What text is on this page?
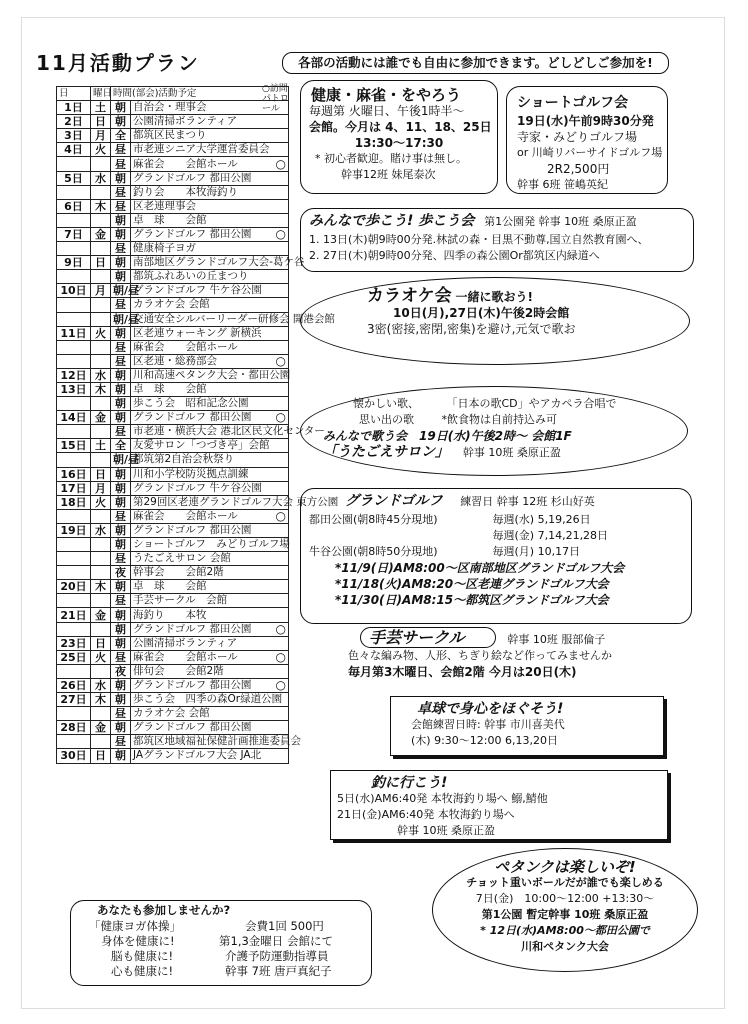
11月活動プラン	各部の活動には誰でも自由に参加できます。どしどしご参加を!
日	曜日	時間(部会)活動予定	
1日	土	朝	自治会・理事会
2日	日	朝	公園清掃ボランティア
3日	月	全	都筑区民まつり
4日	火	昼	市老連シニア大学運営委員会
		昼	麻雀会　　会館ホール ○

5日	水	朝	グランドゴルフ 都田公園
		昼	釣り会　　本牧海釣り
6日	木	昼	区老連理事会
		朝	卓　球　　会館
7日	金	朝	グランドゴルフ 都田公園 ○

		昼	健康椅子ヨガ
9日	日	朝	南部地区グランドゴルフ大会-葛ケ谷
		朝	都筑ふれあいの丘まつり
10日	月	朝/昼	グランドゴルフ 牛ケ谷公園
		昼	カラオケ会 会館
		朝/昼	交通安全シルバーリーダー研修会 開港会館
11日	火	朝	区老連ウォーキング 新横浜
		昼	麻雀会　　会館ホール
		昼	区老連・総務部会 ○

12日	水	朝	川和高速ペタンク大会・都田公園
13日	木	朝	卓　球　　会館
		朝	歩こう会　昭和記念公園
14日	金	朝	グランドゴルフ 都田公園 ○

		昼	市老連・横浜大会 港北区民文化センター
15日	土	全	友愛サロン「つづき亭」会館
		朝/昼	都筑第2自治会秋祭り
16日	日	朝	川和小学校防災拠点訓練
17日	月	朝	グランドゴルフ 牛ケ谷公園
18日	火	朝	第29回区老連グランドゴルフ大会 東方公園
		昼	麻雀会　　会館ホール ○

19日	水	朝	グランドゴルフ 都田公園
		朝	ショートゴルフ　みどりゴルフ場
		昼	うたごえサロン 会館
		夜	幹事会　　会館2階
20日	木	朝	卓　球　　会館
		昼	手芸サークル　会館
21日	金	朝	海釣り　　本牧
		朝	グランドゴルフ 都田公園 ○

23日	日	朝	公園清掃ボランティア
25日	火	昼	麻雀会　　会館ホール ○

		夜	俳句会　　会館2階
26日	水	朝	グランドゴルフ 都田公園 ○

27日	木	朝	歩こう会　四季の森Or緑道公園
		昼	カラオケ会 会館
28日	金	朝	グランドゴルフ 都田公園
		昼	都筑区地域福祉保健計画推進委員会
30日	日	朝	JAグランドゴルフ大会 JA北
○訪問パトロール
健康・麻雀・をやろう
毎週第 火曜日、午後1時半〜
会館。今月は 4、11、18、25日
13:30〜17:30
* 初心者歓迎。賭け事は無し。
幹事12班 妹尾泰次
ショートゴルフ会
19日(水)午前9時30分発
寺家・みどりゴルフ場
or 川崎リバーサイドゴルフ場
2R2,500円
幹事 6班 笹嶋英紀
みんなで歩こう! 歩こう会 第1公園発 幹事 10班 桑原正盈
1. 13日(木)朝9時00分発.林試の森・目黒不動尊,国立自然教育園へ、
2. 27日(木)朝9時00分発、四季の森公園Or都筑区内緑道へ
カラオケ会 一緒に歌おう!
10日(月),27日(木)午後2時会館
3密(密接,密閉,密集)を避け,元気で歌お
懐かしい歌、	「日本の歌CD」やアカペラ合唱で
思い出の歌	*飲食物は自前持込み可
みんなで歌う会　19日(水)午後2時〜 会館1F
「うたごえサロン」 幹事 10班 桑原正盈
グランドゴルフ 練習日 幹事 12班 杉山好英
都田公園(朝8時45分現地)	毎週(水) 5,19,26日
毎週(金) 7,14,21,28日
牛谷公園(朝8時50分現地)	毎週(月) 10,17日
*11/9(日)AM8:00〜区南部地区グランドゴルフ大会
*11/18(火)AM8:20〜区老連グランドゴルフ大会
*11/30(日)AM8:15〜都筑区グランドゴルフ大会
手芸サークル	幹事 10班 服部倫子
色々な編み物、人形、ちぎり絵など作ってみませんか
毎月第3木曜日、会館2階 今月は20日(木)
卓球で身心をほぐそう!
会館練習日時: 幹事 市川喜美代
(木) 9:30〜12:00 6,13,20日
釣に行こう!
5日(水)AM6:40発 本牧海釣り場へ 鰯,鯖他
21日(金)AM6:40発 本牧海釣り場へ
幹事 10班 桑原正盈
ペタンクは楽しいぞ!
チョット重いボールだが誰でも楽しめる
7日(金)　10:00〜12:00 +13:30〜
第1公園 暫定幹事 10班 桑原正盈
* 12日(水)AM8:00〜都田公園で
川和ペタンク大会
あなたも参加しませんか?
「健康ヨガ体操」
身体を健康に!
脳も健康に!
心も健康に!
会費1回 500円
第1,3金曜日 会館にて
介護予防運動指導員
幹事 7班 唐戸真紀子
